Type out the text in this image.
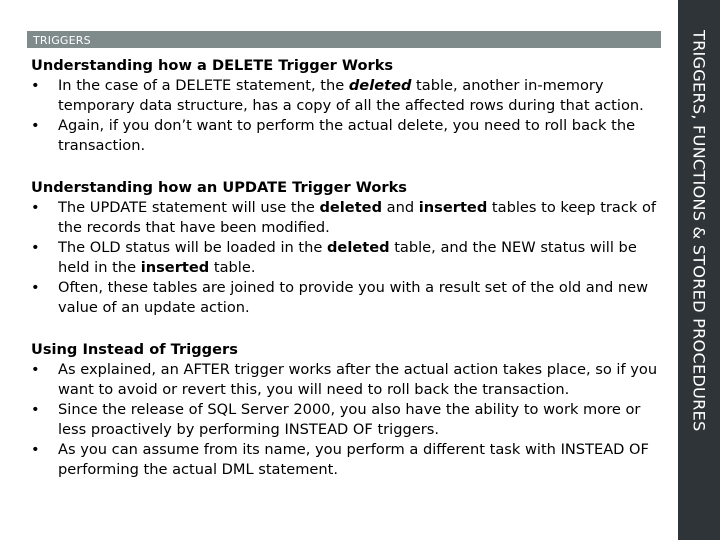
TRIGGERS	TRIGGERS, FUNCTIONS & STORED PROCEDURES
Understanding how a DELETE Trigger Works
• In the case of a DELETE statement, the deleted table, another in-memory temporary data structure, has a copy of all the affected rows during that action.
• Again, if you don’t want to perform the actual delete, you need to roll back the transaction.
Understanding how an UPDATE Trigger Works
• The UPDATE statement will use the deleted and inserted tables to keep track of the records that have been modified.
• The OLD status will be loaded in the deleted table, and the NEW status will be held in the inserted table.
• Often, these tables are joined to provide you with a result set of the old and new value of an update action.
Using Instead of Triggers
• As explained, an AFTER trigger works after the actual action takes place, so if you want to avoid or revert this, you will need to roll back the transaction.
• Since the release of SQL Server 2000, you also have the ability to work more or less proactively by performing INSTEAD OF triggers.
• As you can assume from its name, you perform a different task with INSTEAD OF performing the actual DML statement.
